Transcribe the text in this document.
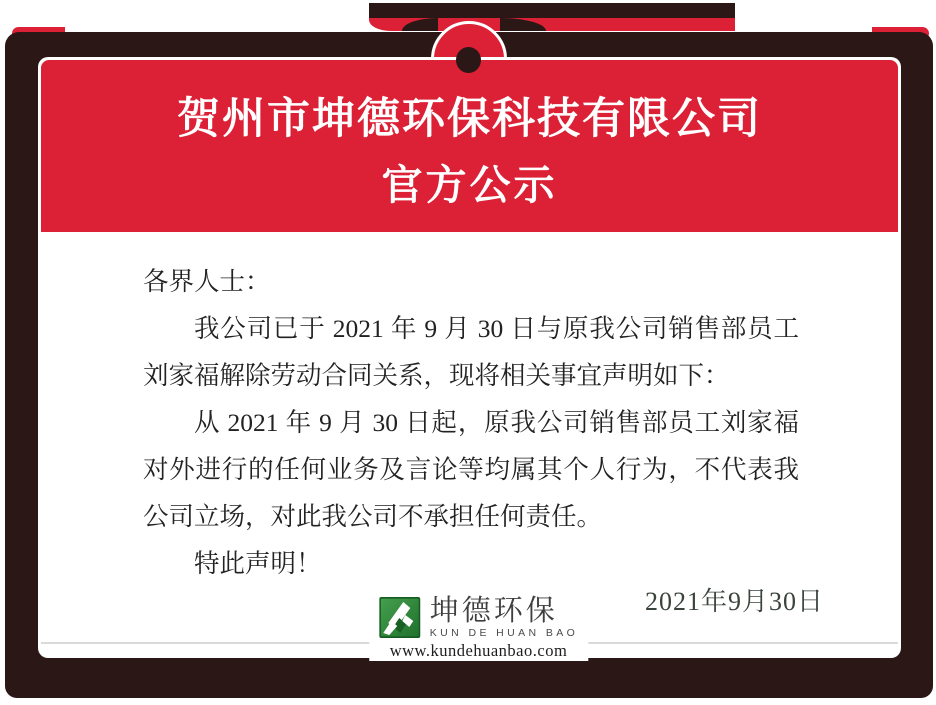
贺州市坤德环保科技有限公司

官方公示

各界人士：

我公司已于 2021 年 9 月 30 日与原我公司销售部员工刘家福解除劳动合同关系，现将相关事宜声明如下：

从 2021 年 9 月 30 日起，原我公司销售部员工刘家福对外进行的任何业务及言论等均属其个人行为，不代表我公司立场，对此我公司不承担任何责任。

特此声明！

2021年9月30日
坤德环保
KUN DE HUAN BAO
www.kundehuanbao.com
